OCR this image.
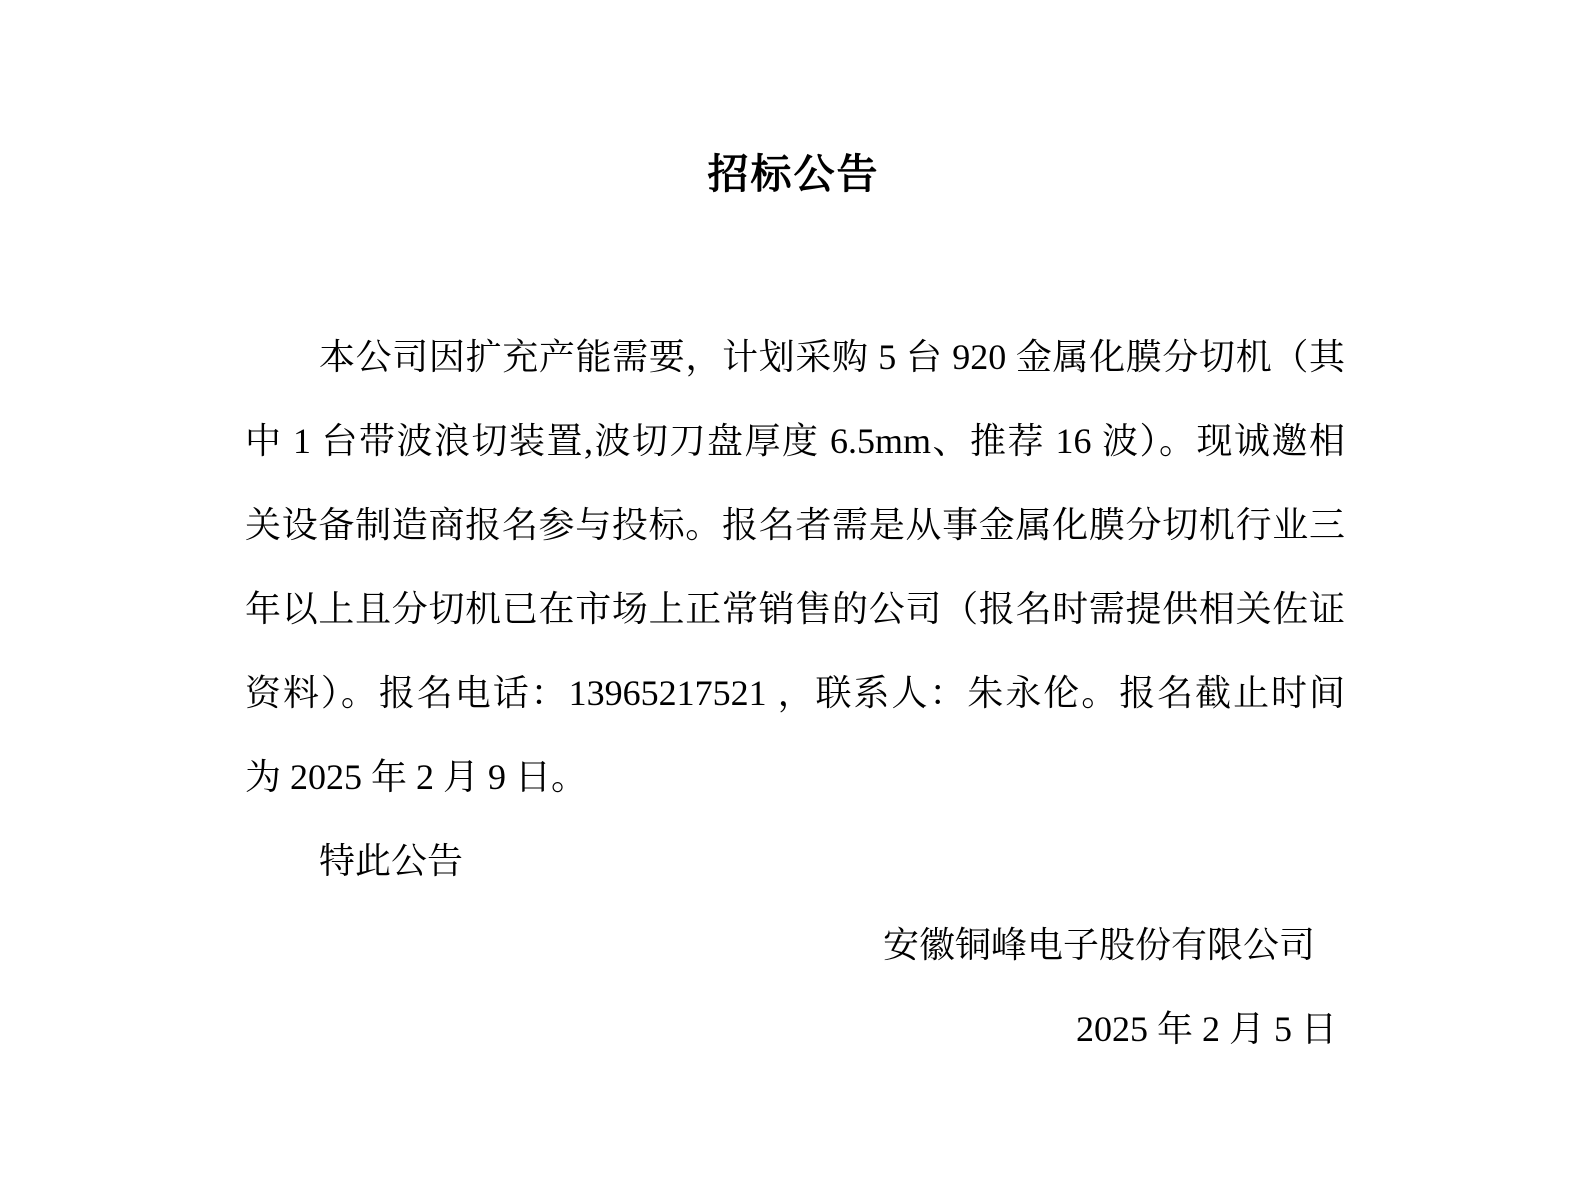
招标公告
本公司因扩充产能需要，计划采购 5 台 920 金属化膜分切机（其
中 1 台带波浪切装置,波切刀盘厚度 6.5mm、推荐 16 波）。现诚邀相
关设备制造商报名参与投标。报名者需是从事金属化膜分切机行业三
年以上且分切机已在市场上正常销售的公司（报名时需提供相关佐证
资料）。报名电话：13965217521 ，联系人：朱永伦。报名截止时间
为 2025 年 2 月 9 日。
特此公告
安徽铜峰电子股份有限公司
2025 年 2 月 5 日
